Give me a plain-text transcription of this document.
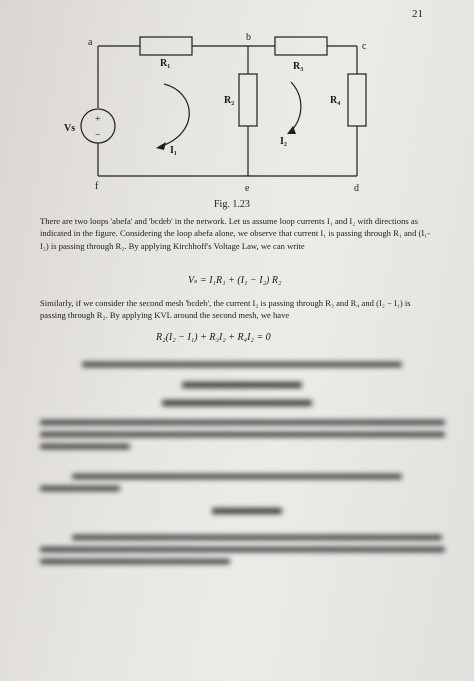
21
a	b
c
f	e	d
R₁	R₃
R₂	R₄
Vs
+
−
I₁
I₂
Fig. 1.23
There are two loops 'abefa' and 'bcdeb' in the network. Let us assume loop currents I₁ and I₂ with directions as indicated in the figure. Considering the loop abefa alone, we observe that current I₁ is passing through R₁ and (I₁-I₂) is passing through R₂. By applying Kirchhoff's Voltage Law, we can write
Vₛ = I₁R₁ + (I₁ − I₂) R₂
Similarly, if we consider the second mesh 'bcdeb', the current I₂ is passing through R₃ and R₄ and (I₂ − I₁) is passing through R₂. By applying KVL around the second mesh, we have
R₂(I₂ − I₁) + R₃I₂ + R₄I₂ = 0
